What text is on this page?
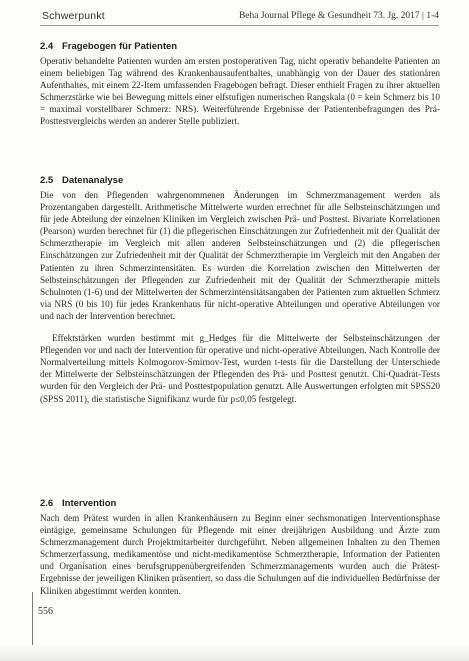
Schwerpunkt	Beha Journal Pflege & Gesundheit 73. Jg. 2017 | 1-4
2.4 Fragebogen für Patienten

Operativ behandelte Patienten wurden am ersten postoperativen Tag, nicht operativ behandelte Patienten an einem beliebigen Tag während des Krankenhausaufenthaltes, unabhängig von der Dauer des stationären Aufenthaltes, mit einem 22-Item umfassenden Fragebogen befragt. Dieser enthielt Fragen zu ihrer aktuellen Schmerzstärke wie bei Bewegung mittels einer elfstufigen numerischen Rangskala (0 = kein Schmerz bis 10 = maximal vorstellbarer Schmerz: NRS). Weiterführende Ergebnisse der Patientenbefragungen des Prä-Posttestvergleichs werden an anderer Stelle publiziert.

2.5 Datenanalyse

Die von den Pflegenden wahrgenommenen Änderungen im Schmerzmanagement werden als Prozentangaben dargestellt. Arithmetische Mittelwerte wurden errechnet für alle Selbsteinschätzungen und für jede Abteilung der einzelnen Kliniken im Vergleich zwischen Prä- und Posttest. Bivariate Korrelationen (Pearson) wurden berechnet für (1) die pflegerischen Einschätzungen zur Zufriedenheit mit der Qualität der Schmerztherapie im Vergleich mit allen anderen Selbsteinschätzungen und (2) die pflegerischen Einschätzungen zur Zufriedenheit mit der Qualität der Schmerztherapie im Vergleich mit den Angaben der Patienten zu ihren Schmerzintensitäten. Es wurden die Korrelation zwischen den Mittelwerten der Selbsteinschätzungen der Pflegenden zur Zufriedenheit mit der Qualität der Schmerztherapie mittels Schulnoten (1-6) und der Mittelwerten der Schmerzintensitätsangaben der Patienten zum aktuellen Schmerz via NRS (0 bis 10) für jedes Krankenhaus für nicht-operative Abteilungen und operative Abteilungen vor und nach der Intervention berechnet.

Effektstärken wurden bestimmt mit g_Hedges für die Mittelwerte der Selbsteinschätzungen der Pflegenden vor und nach der Intervention für operative und nicht-operative Abteilungen. Nach Kontrolle der Normalverteilung mittels Kolmogorov-Smirnov-Test, wurden t-tests für die Darstellung der Unterschiede der Mittelwerte der Selbsteinschätzungen der Pflegenden des Prä- und Posttest genutzt. Chi-Quadrat-Tests wurden für den Vergleich der Prä- und Posttestpopulation genutzt. Alle Auswertungen erfolgten mit SPSS20 (SPSS 2011), die statistische Signifikanz wurde für p≤0,05 festgelegt.

2.6 Intervention

Nach dem Prätest wurden in allen Krankenhäusern zu Beginn einer sechsmonatigen Interventionsphase eintägige, gemeinsame Schulungen für Pflegende mit einer dreijährigen Ausbildung und Ärzte zum Schmerzmanagement durch Projektmitarbeiter durchgeführt. Neben allgemeinen Inhalten zu den Themen Schmerzerfassung, medikamentöse und nicht-medikamentöse Schmerztherapie, Information der Patienten und Organisation eines berufsgruppenübergreifenden Schmerzmanagements wurden auch die Prätest-Ergebnisse der jeweiligen Kliniken präsentiert, so dass die Schulungen auf die individuellen Bedürfnisse der Kliniken abgestimmt werden konnten.

556
